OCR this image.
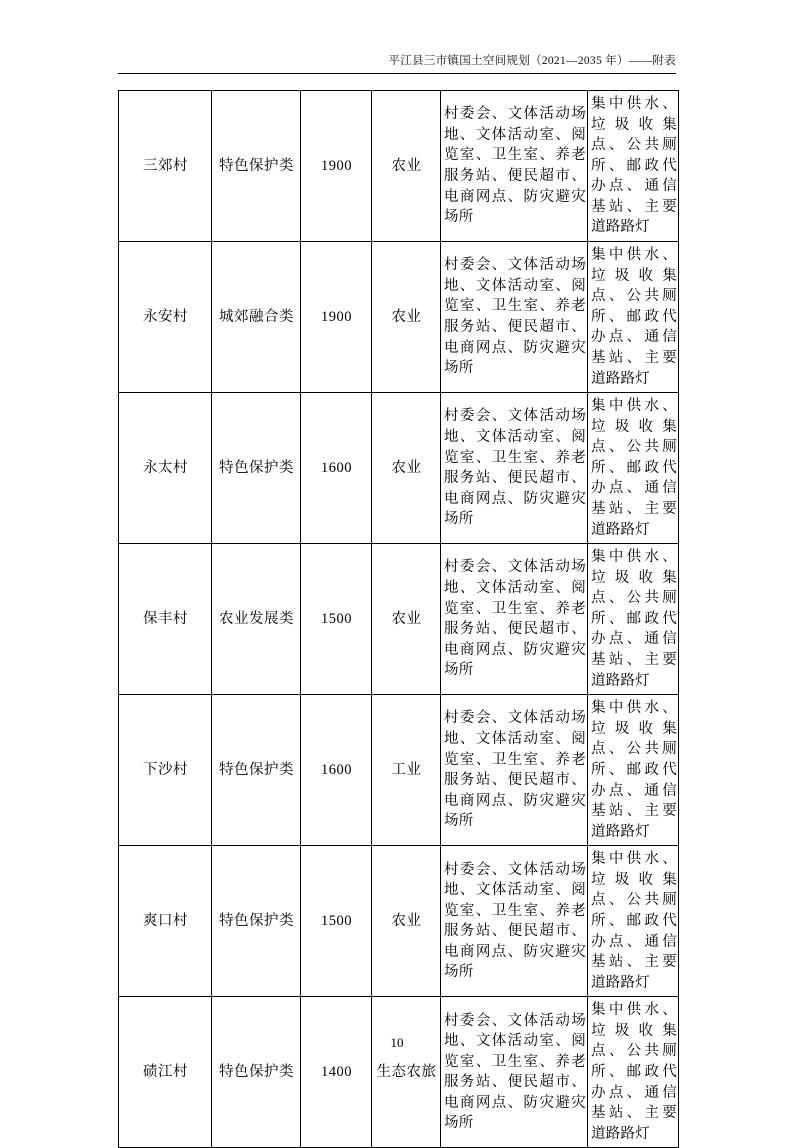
平江县三市镇国土空间规划（2021—2035 年）——附表
三郊村	特色保护类	1900	农业	村委会、文体活动场地、文体活动室、阅览室、卫生室、养老服务站、便民超市、电商网点、防灾避灾场所	集中供水、垃圾收集点、公共厕所、邮政代办点、通信基站、主要道路路灯

永安村	城郊融合类	1900	农业	村委会、文体活动场地、文体活动室、阅览室、卫生室、养老服务站、便民超市、电商网点、防灾避灾场所	集中供水、垃圾收集点、公共厕所、邮政代办点、通信基站、主要道路路灯

永太村	特色保护类	1600	农业	村委会、文体活动场地、文体活动室、阅览室、卫生室、养老服务站、便民超市、电商网点、防灾避灾场所	集中供水、垃圾收集点、公共厕所、邮政代办点、通信基站、主要道路路灯

保丰村	农业发展类	1500	农业	村委会、文体活动场地、文体活动室、阅览室、卫生室、养老服务站、便民超市、电商网点、防灾避灾场所	集中供水、垃圾收集点、公共厕所、邮政代办点、通信基站、主要道路路灯

下沙村	特色保护类	1600	工业	村委会、文体活动场地、文体活动室、阅览室、卫生室、养老服务站、便民超市、电商网点、防灾避灾场所	集中供水、垃圾收集点、公共厕所、邮政代办点、通信基站、主要道路路灯

爽口村	特色保护类	1500	农业	村委会、文体活动场地、文体活动室、阅览室、卫生室、养老服务站、便民超市、电商网点、防灾避灾场所	集中供水、垃圾收集点、公共厕所、邮政代办点、通信基站、主要道路路灯

碛江村	特色保护类	1400	生态农旅	村委会、文体活动场地、文体活动室、阅览室、卫生室、养老服务站、便民超市、电商网点、防灾避灾场所	集中供水、垃圾收集点、公共厕所、邮政代办点、通信基站、主要道路路灯
10
